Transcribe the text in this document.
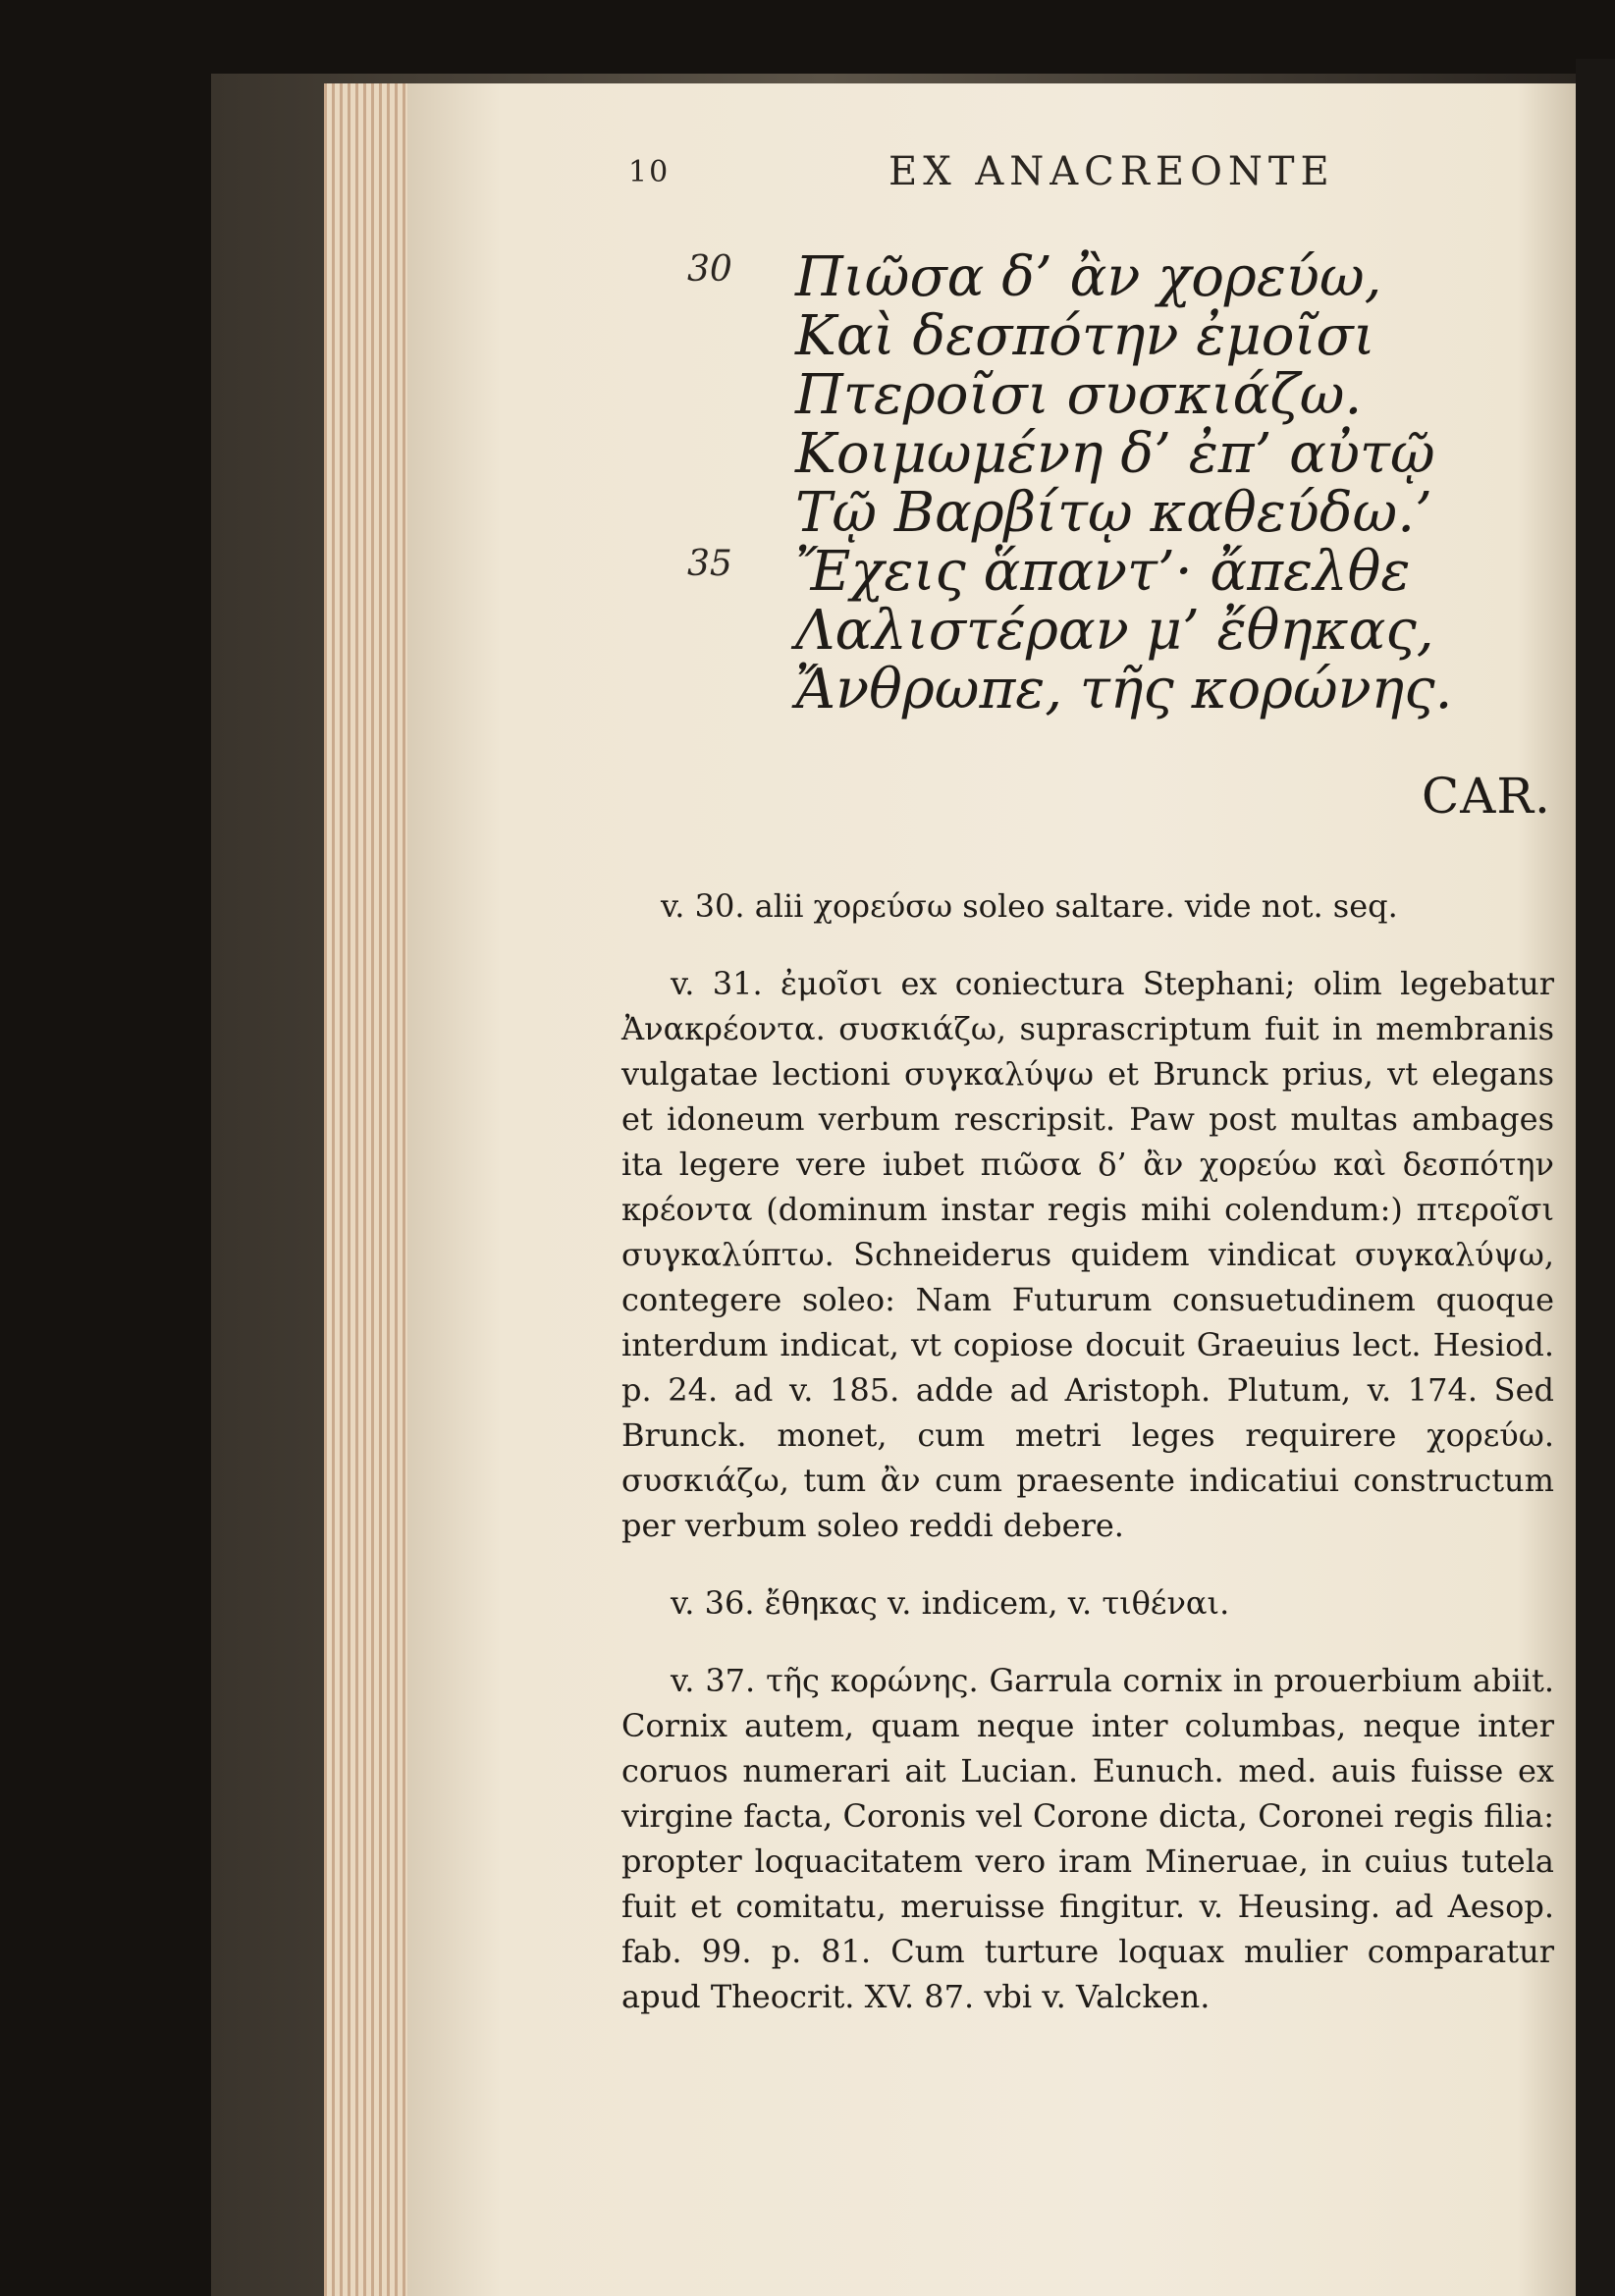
10	EX ANACREONTE
30 Πιῶσα δ’ ἂν χορεύω,
Καὶ δεσπότην ἐμοῖσι
Πτεροῖσι συσκιάζω.
Κοιμωμένη δ’ ἐπ’ αὐτῷ
Τῷ Βαρβίτῳ καθεύδω.’
35 Ἔχεις ἅπαντ’· ἄπελθε
Λαλιστέραν μ’ ἔθηκας,
Ἄνθρωπε, τῆς κορώνης.
CAR.

v. 30. alii χορεύσω soleo saltare. vide not. seq.

v. 31. ἐμοῖσι ex coniectura Stephani; olim legebatur Ἀνακρέοντα. συσκιάζω, suprascriptum fuit in membranis vulgatae lectioni συγκαλύψω et Brunck prius, vt elegans et idoneum verbum rescripsit. Paw post multas ambages ita legere vere iubet πιῶσα δ’ ἂν χορεύω καὶ δεσπότην κρέοντα (dominum instar regis mihi colendum:) πτεροῖσι συγκαλύπτω. Schneiderus quidem vindicat συγκαλύψω, contegere soleo: Nam Futurum consuetudinem quoque interdum indicat, vt copiose docuit Graeuius lect. Hesiod. p. 24. ad v. 185. adde ad Aristoph. Plutum, v. 174. Sed Brunck. monet, cum metri leges requirere χορεύω. συσκιάζω, tum ἂν cum praesente indicatiui constructum per verbum soleo reddi debere.

v. 36. ἔθηκας v. indicem, v. τιθέναι.

v. 37. τῆς κορώνης. Garrula cornix in prouerbium abiit. Cornix autem, quam neque inter columbas, neque inter coruos numerari ait Lucian. Eunuch. med. auis fuisse ex virgine facta, Coronis vel Corone dicta, Coronei regis filia: propter loquacitatem vero iram Mineruae, in cuius tutela fuit et comitatu, meruisse fingitur. v. Heusing. ad Aesop. fab. 99. p. 81. Cum turture loquax mulier comparatur apud Theocrit. XV. 87. vbi v. Valcken.
